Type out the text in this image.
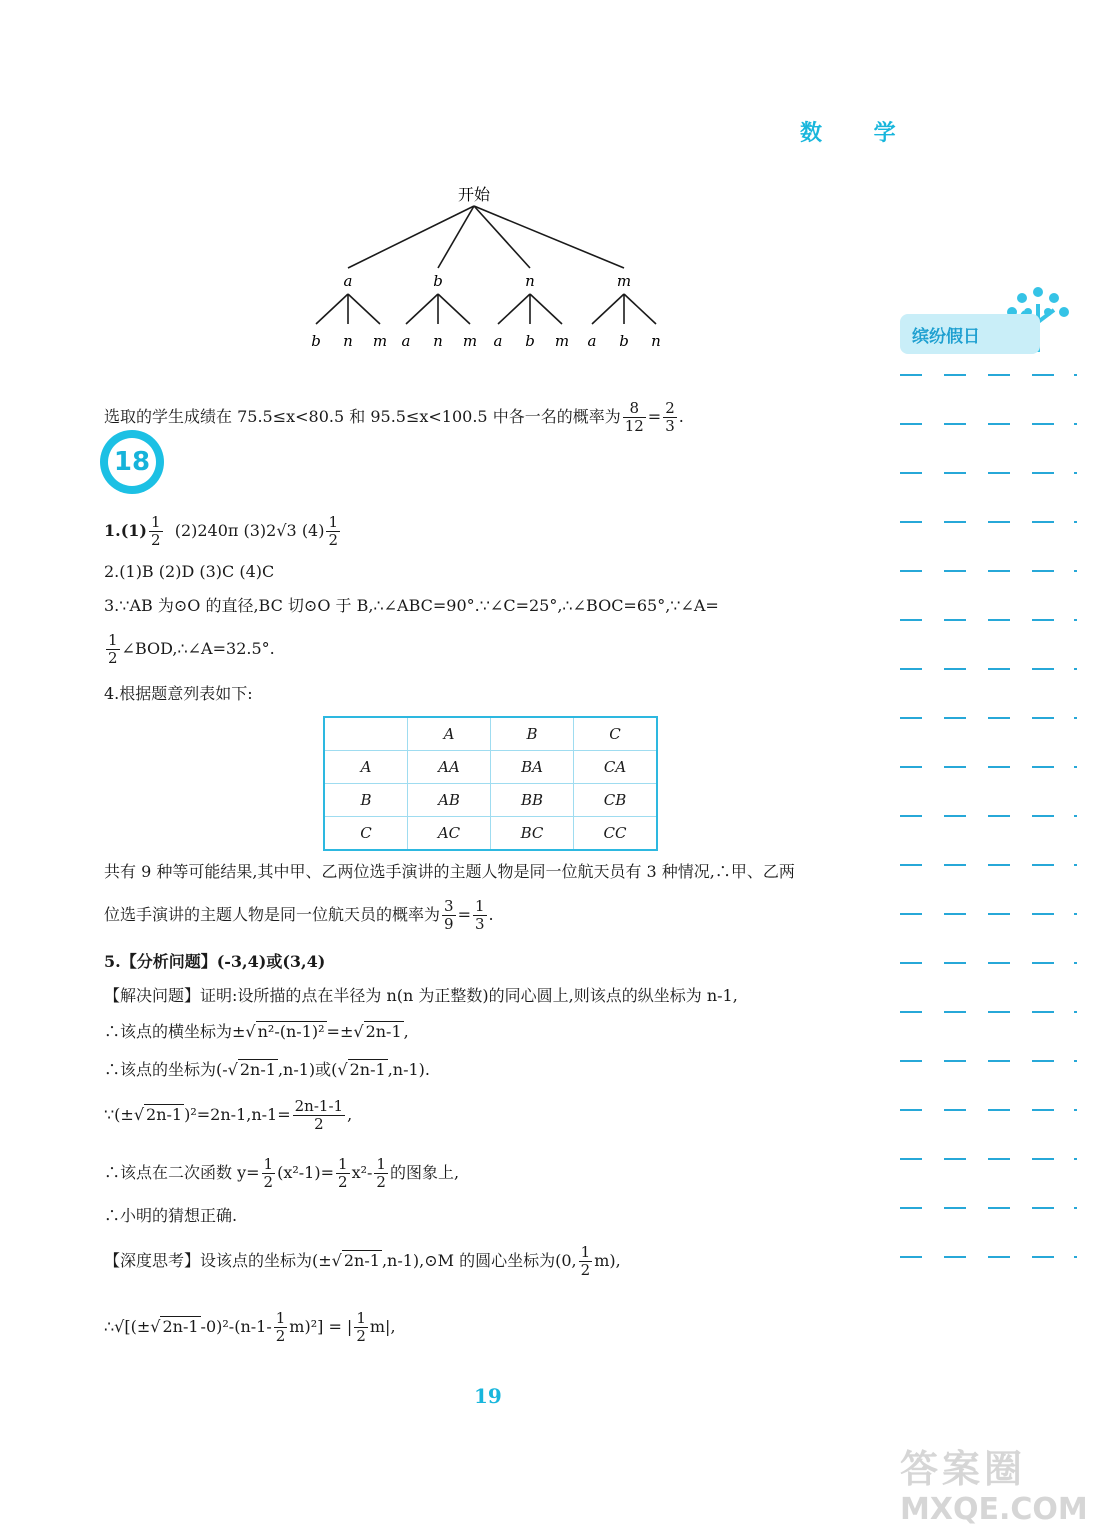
数 学
开始
a
b n m
b
a n m
n
a b m
m
a b n
选取的学生成绩在 75.5≤x<80.5 和 95.5≤x<100.5 中各一名的概率为 $\frac{8}{12} = \frac{2}{3}$ .
18
$1.(1) \frac{1}{2} (2)240\pi$ (3)2√3 $(4) \frac{1}{2}$
2.(1)B (2)D (3)C (4)C
3.∵AB 为⊙O 的直径,BC 切⊙O 于 B,∴∠ABC=90°.∵∠C=25°,∴∠BOC=65°,∵∠A=
$\frac{1}{2}$ ∠BOD,∴∠A=32.5°.
4.根据题意列表如下:
	A	B	C
A	AA	BA	CA
B	AB	BB	CB
C	AC	BC	CC
共有 9 种等可能结果,其中甲、乙两位选手演讲的主题人物是同一位航天员有 3 种情况,∴甲、乙两
位选手演讲的主题人物是同一位航天员的概率为 $\frac{3}{9} = \frac{1}{3}$ .
5.【分析问题】(-3,4)或(3,4)
【解决问题】证明:设所描的点在半径为 n(n 为正整数)的同心圆上,则该点的纵坐标为 n-1,
∴该点的横坐标为±√ n²-(n-1)² =±√ 2n-1 ,
∴该点的坐标为(-√ 2n-1 ,n-1)或(√ 2n-1 ,n-1).
∵(±√ 2n-1 )$^2=2n-1,n-1= \frac{2n-1-1}{2}$ ,
∴该点在二次函数 $y= \frac{1}{2} (x^2-1)= \frac{1}{2} x^2- \frac{1}{2}$ 的图象上,
∴小明的猜想正确.
【深度思考】设该点的坐标为(±√ 2n-1 ,n-1),⊙M 的圆心坐标为(0, $\frac{1}{2} m$),
∴√[(±√ 2n-1 $-0)^2-(n-1- \frac{1}{2} m)^2$] = | $\frac{1}{2} m|$,
缤纷假日
19
答案圈
MXQE.COM
